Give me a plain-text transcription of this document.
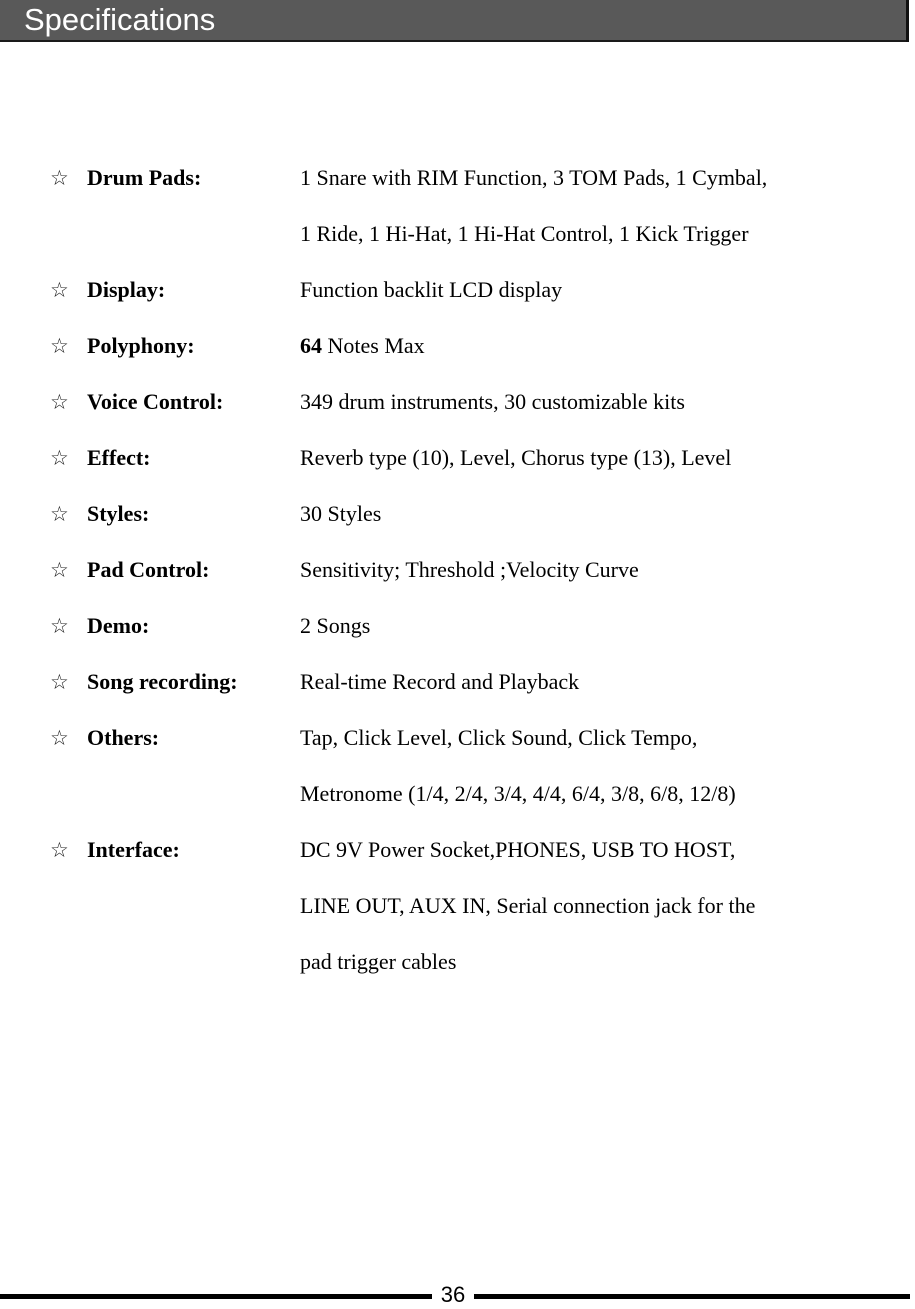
Specifications
☆ Drum Pads:	1 Snare with RIM Function, 3 TOM Pads, 1 Cymbal,
1 Ride, 1 Hi-Hat, 1 Hi-Hat Control, 1 Kick Trigger
☆ Display:	Function backlit LCD display
☆ Polyphony:	64 Notes Max
☆ Voice Control:	349 drum instruments, 30 customizable kits
☆ Effect:	Reverb type (10), Level, Chorus type (13), Level
☆ Styles:	30 Styles
☆ Pad Control:	Sensitivity; Threshold ;Velocity Curve
☆ Demo:	2 Songs
☆ Song recording:	Real-time Record and Playback
☆ Others:	Tap, Click Level, Click Sound, Click Tempo,
Metronome (1/4, 2/4, 3/4, 4/4, 6/4, 3/8, 6/8, 12/8)
☆ Interface:	DC 9V Power Socket,PHONES, USB TO HOST,
LINE OUT, AUX IN, Serial connection jack for the
pad trigger cables
36
